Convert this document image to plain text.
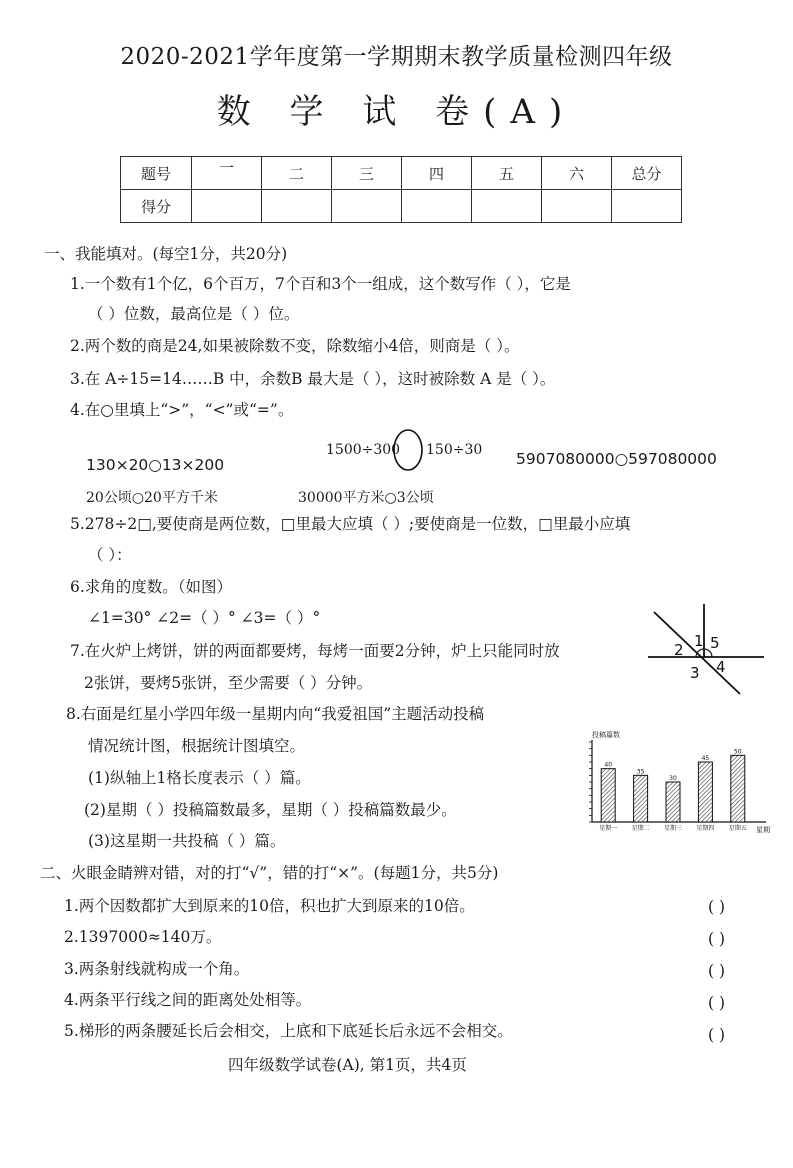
2020-2021学年度第一学期期末教学质量检测四年级
数 学 试 卷(A)
题号	一	二	三	四	五	六	总分
得分							
一、我能填对。(每空1分，共20分)
1.一个数有1个亿，6个百万，7个百和3个一组成，这个数写作（ ），它是
（ ）位数，最高位是（ ）位。
2.两个数的商是24,如果被除数不变，除数缩小4倍，则商是（ ）。
3.在 A÷15=14……B 中，余数B 最大是（ ），这时被除数 A 是（ ）。
4.在○里填上“>”，“<”或“=”。
130×20○13×200
1500÷300 150÷30 5907080000○597080000
20公顷○20平方千米	30000平方米○3公顷
5.278÷2□,要使商是两位数，□里最大应填（ ）;要使商是一位数，□里最小应填
（ ）：
6.求角的度数。（如图）
∠1=30° ∠2=（ ）° ∠3=（ ）°
1
2
3 4
5
7.在火炉上烤饼，饼的两面都要烤，每烤一面要2分钟，炉上只能同时放
2张饼，要烤5张饼，至少需要（ ）分钟。
8.右面是红星小学四年级一星期内向“我爱祖国”主题活动投稿
情况统计图，根据统计图填空。
(1)纵轴上1格长度表示（ ）篇。
(2)星期（ ）投稿篇数最多，星期（ ）投稿篇数最少。
(3)这星期一共投稿（ ）篇。
投稿篇数
星期
40
星期一
35
星期二
30
星期三
45
星期四
50
星期五
二、火眼金睛辨对错，对的打“√”，错的打“×”。(每题1分，共5分)
1.两个因数都扩大到原来的10倍，积也扩大到原来的10倍。
2.1397000≈140万。
3.两条射线就构成一个角。
4.两条平行线之间的距离处处相等。
5.梯形的两条腰延长后会相交，上底和下底延长后永远不会相交。
( )
( )
( )
( )
( )
四年级数学试卷(A), 第1页，共4页
